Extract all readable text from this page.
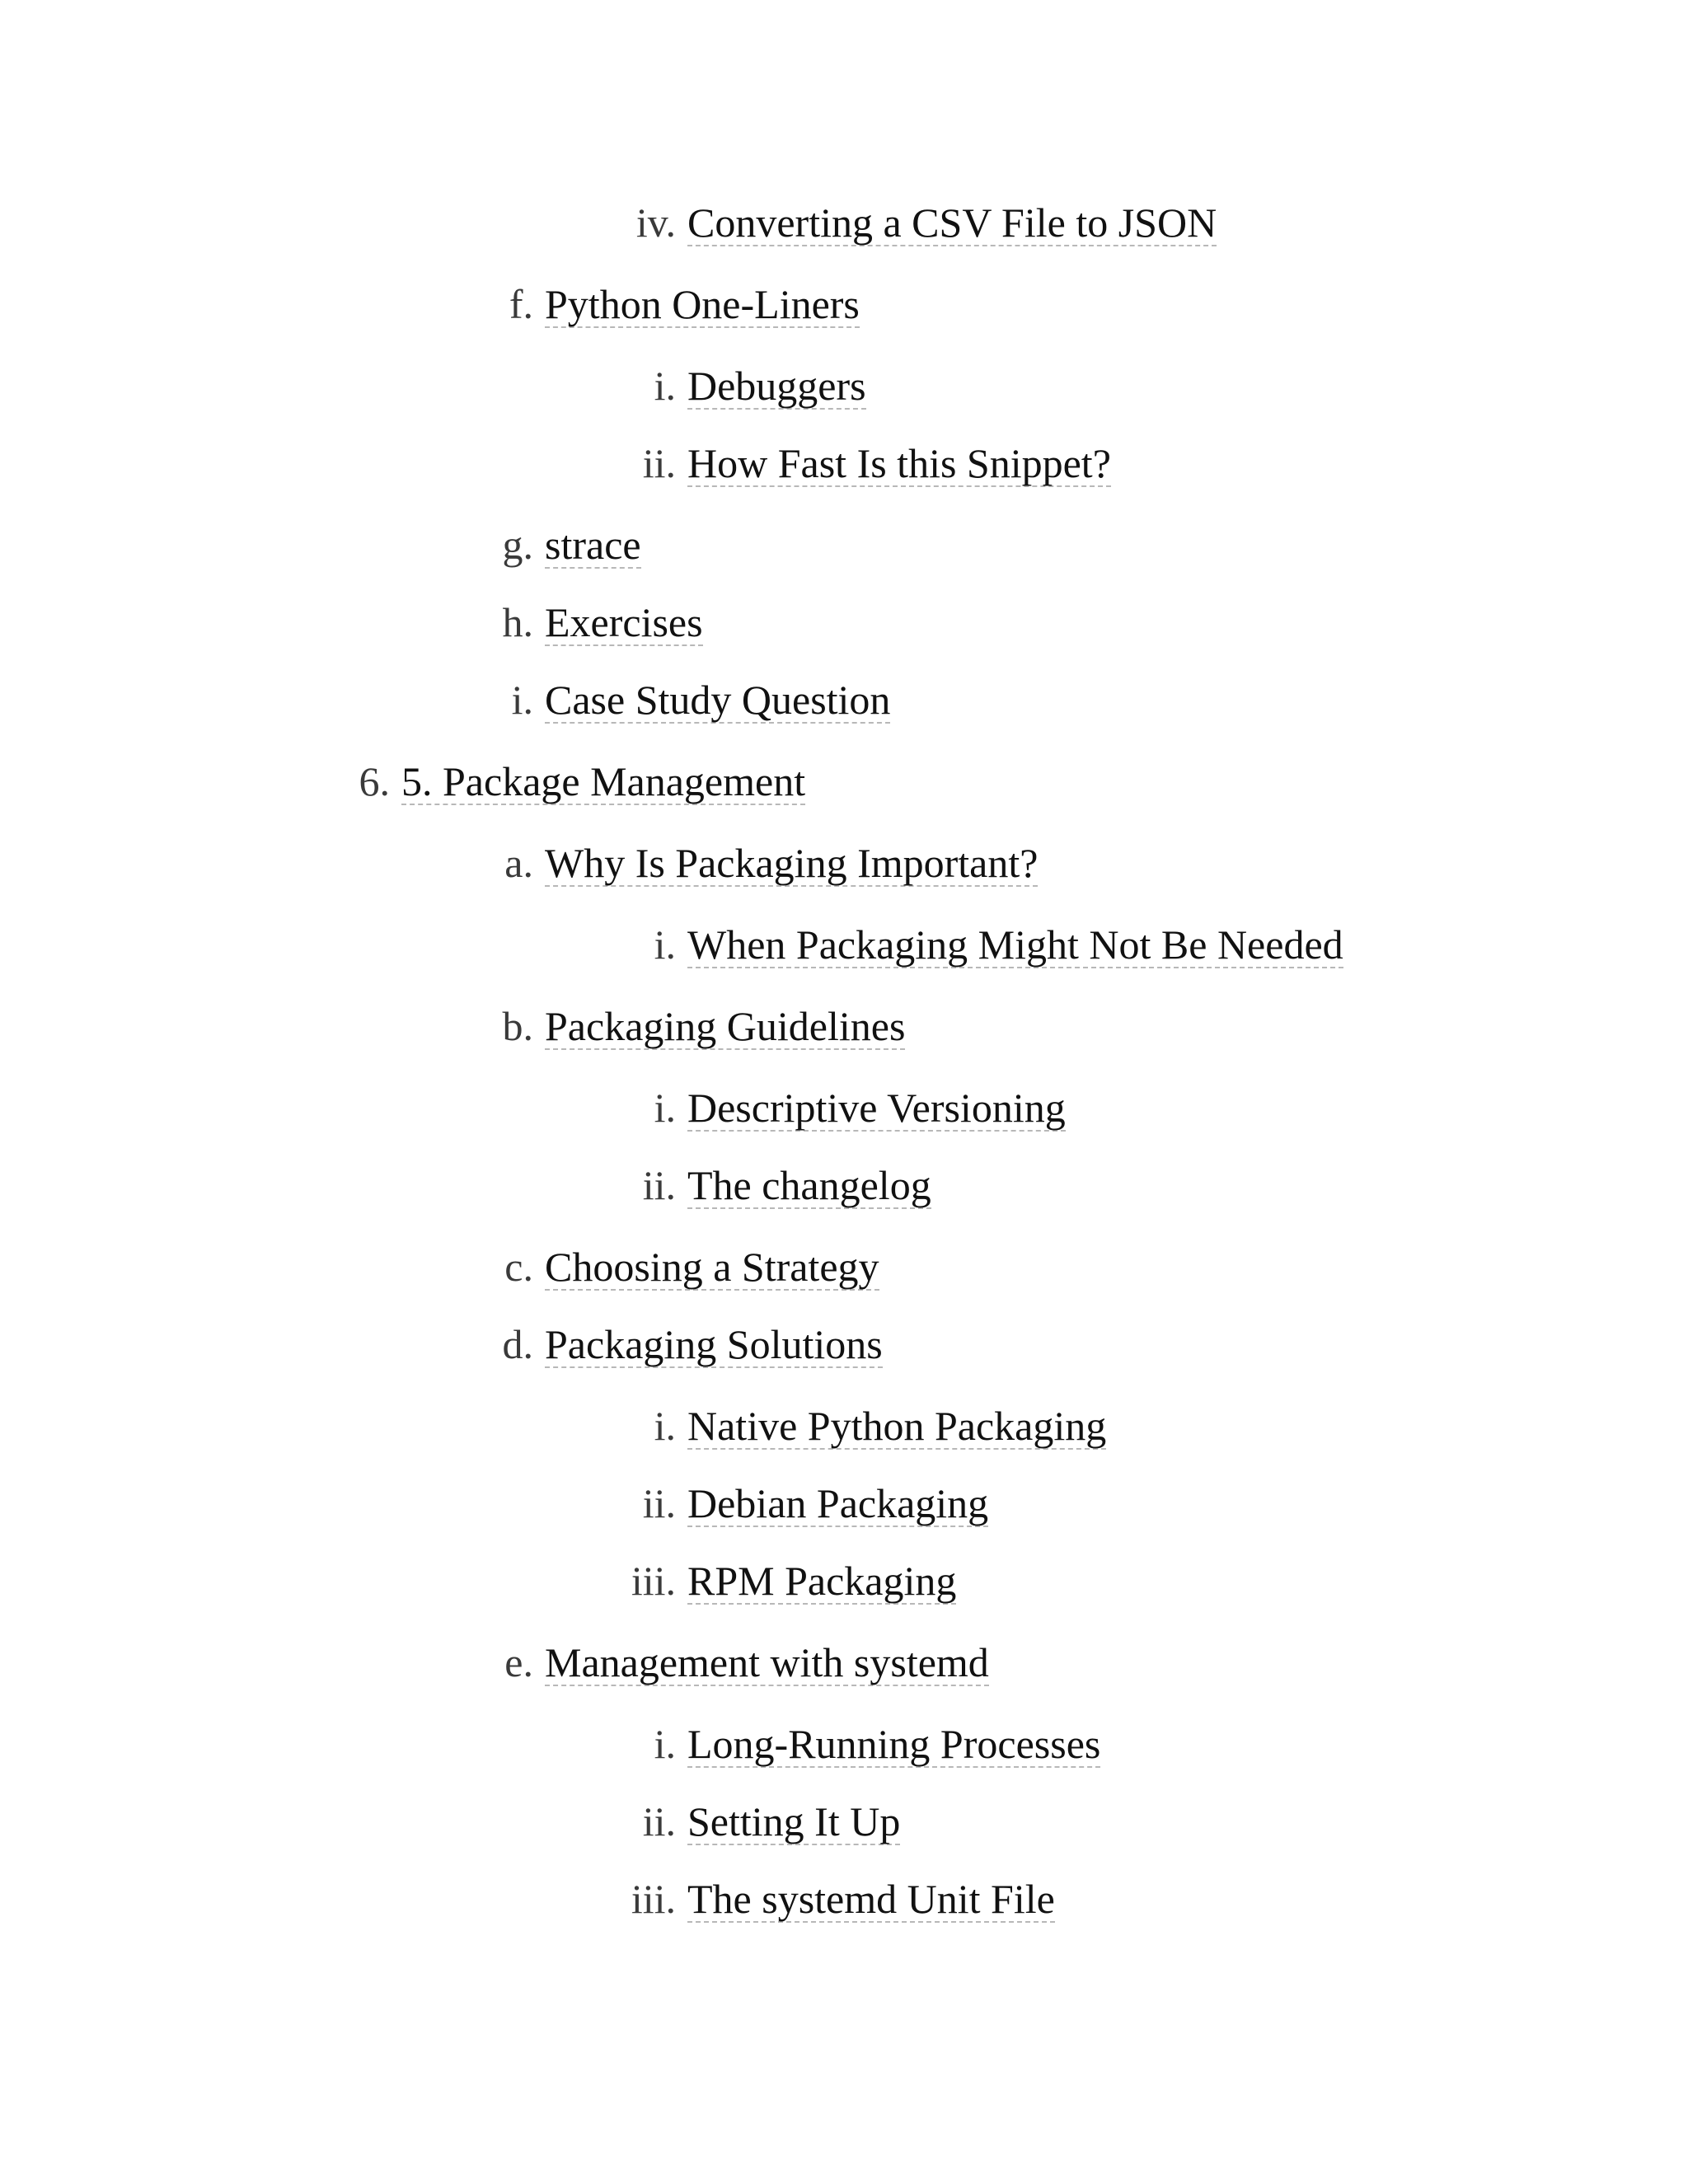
iv. Converting a CSV File to JSON
f. Python One-Liners
i. Debuggers
ii. How Fast Is this Snippet?
g. strace
h. Exercises
i. Case Study Question
6. 5. Package Management
a. Why Is Packaging Important?
i. When Packaging Might Not Be Needed
b. Packaging Guidelines
i. Descriptive Versioning
ii. The changelog
c. Choosing a Strategy
d. Packaging Solutions
i. Native Python Packaging
ii. Debian Packaging
iii. RPM Packaging
e. Management with systemd
i. Long-Running Processes
ii. Setting It Up
iii. The systemd Unit File
